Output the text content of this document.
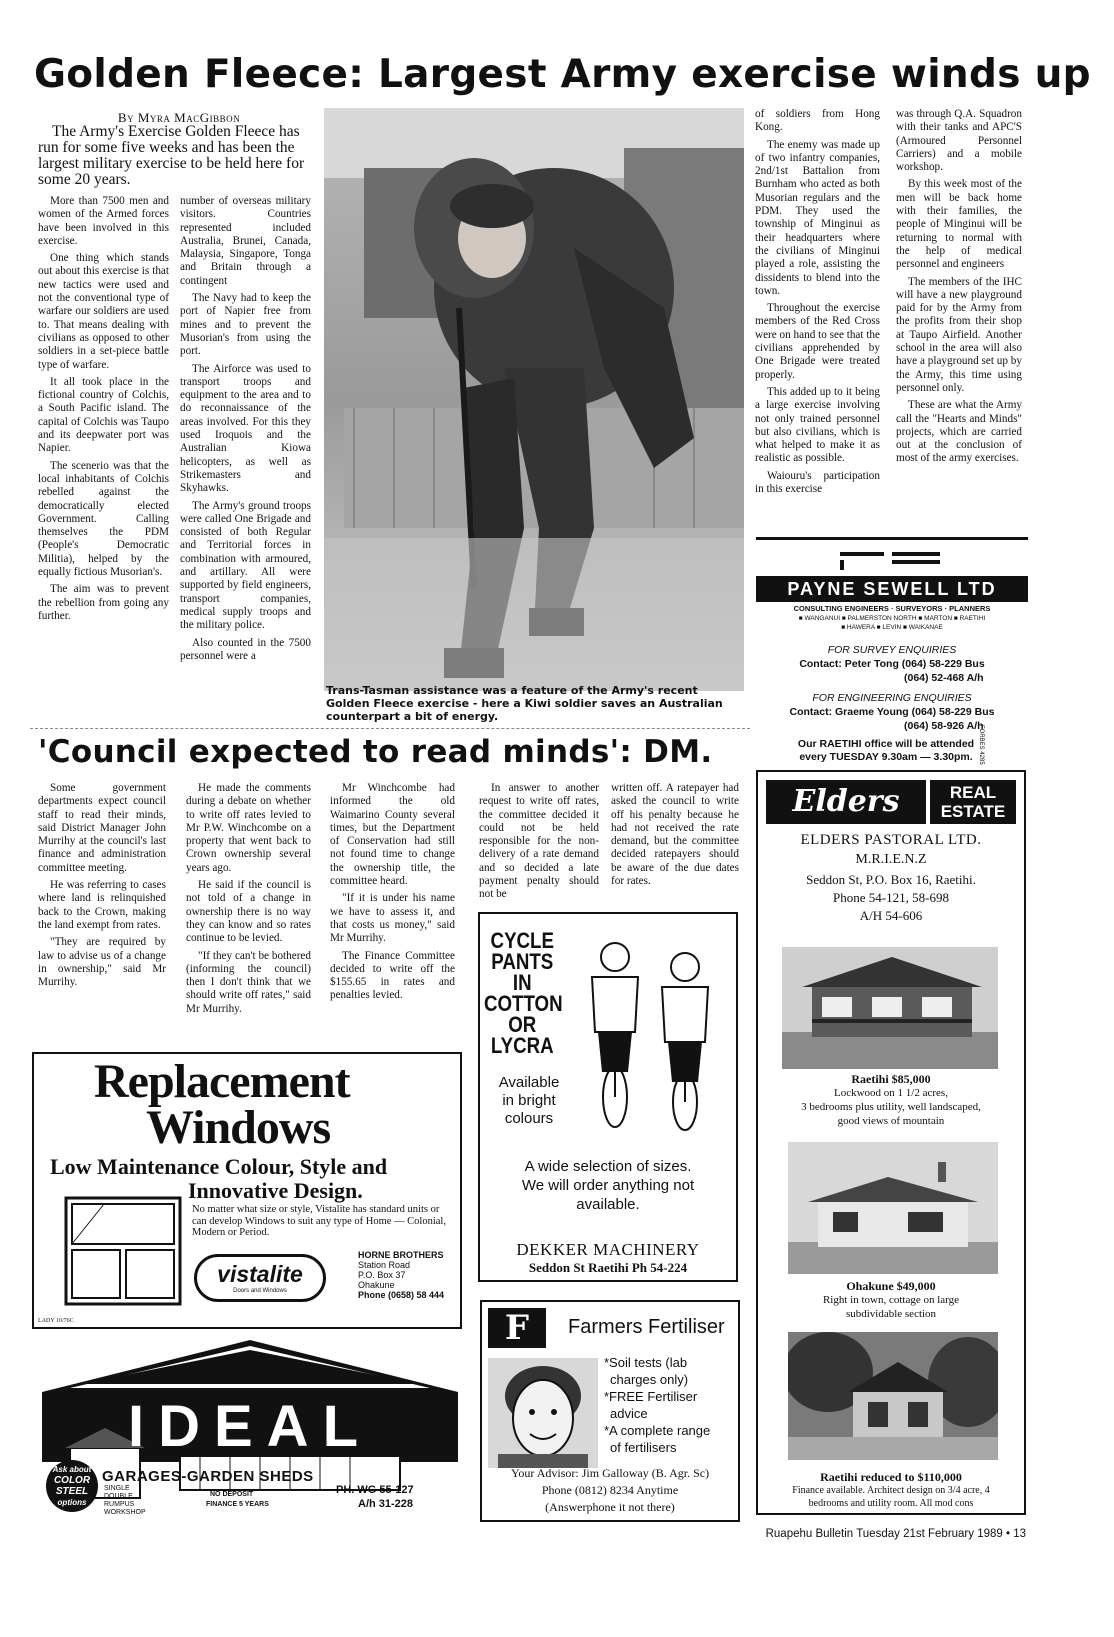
Golden Fleece: Largest Army exercise winds up
By Myra MacGibbon
The Army's Exercise Golden Fleece has run for some five weeks and has been the largest military exercise to be held here for some 20 years.

More than 7500 men and women of the Armed forces have been involved in this exercise.

One thing which stands out about this exercise is that new tactics were used and not the conventional type of warfare our soldiers are used to. That means dealing with civilians as opposed to other soldiers in a set-piece battle type of warfare.

It all took place in the fictional country of Colchis, a South Pacific island. The capital of Colchis was Taupo and its deepwater port was Napier.

The scenerio was that the local inhabitants of Colchis rebelled against the democratically elected Government. Calling themselves the PDM (People's Democratic Militia), helped by the equally fictious Musorian's.

The aim was to prevent the rebellion from going any further.

number of overseas military visitors. Countries represented included Australia, Brunei, Canada, Malaysia, Singapore, Tonga and Britain through a contingent

The Navy had to keep the port of Napier free from mines and to prevent the Musorian's from using the port.

The Airforce was used to transport troops and equipment to the area and to do reconnaissance of the areas involved. For this they used Iroquois and the Australian Kiowa helicopters, as well as Strikemasters and Skyhawks.

The Army's ground troops were called One Brigade and consisted of both Regular and Territorial forces in combination with armoured, and artillary. All were supported by field engineers, transport companies, medical supply troops and the military police.

Also counted in the 7500 personnel were a

Trans-Tasman assistance was a feature of the Army's recent Golden Fleece exercise - here a Kiwi soldier saves an Australian counterpart a bit of energy.

of soldiers from Hong Kong.

The enemy was made up of two infantry companies, 2nd/1st Battalion from Burnham who acted as both Musorian regulars and the PDM. They used the township of Minginui as their headquarters where the civilians of Minginui played a role, assisting the dissidents to blend into the town.

Throughout the exercise members of the Red Cross were on hand to see that the civilians apprehended by One Brigade were treated properly.

This added up to it being a large exercise involving not only trained personnel but also civilians, which is what helped to make it as realistic as possible.

Waiouru's participation in this exercise

was through Q.A. Squadron with their tanks and APC'S (Armoured Personnel Carriers) and a mobile workshop.

By this week most of the men will be back home with their families, the people of Minginui will be returning to normal with the help of medical personnel and engineers

The members of the IHC will have a new playground paid for by the Army from the profits from their shop at Taupo Airfield. Another school in the area will also have a playground set up by the Army, this time using personnel only.

These are what the Army call the "Hearts and Minds" projects, which are carried out at the conclusion of most of the army exercises.

PAYNE SEWELL LTD
CONSULTING ENGINEERS · SURVEYORS · PLANNERS
■ WANGANUI ■ PALMERSTON NORTH ■ MARTON ■ RAETIHI
■ HAWERA ■ LEVIN ■ WAIKANAE
FOR SURVEY ENQUIRIES
Contact: Peter Tong (064) 58-229 Bus
(064) 52-468 A/h
FOR ENGINEERING ENQUIRIES
Contact: Graeme Young (064) 58-229 Bus
(064) 58-926 A/h
Our RAETIHI office will be attended
every TUESDAY 9.30am — 3.30pm. FORBES 4285
'Council expected to read minds': DM.

Some government departments expect council staff to read their minds, said District Manager John Murrihy at the council's last finance and administration committee meeting.

He was referring to cases where land is relinquished back to the Crown, making the land exempt from rates.

"They are required by law to advise us of a change in ownership," said Mr Murrihy.

He made the comments during a debate on whether to write off rates levied to Mr P.W. Winchcombe on a property that went back to Crown ownership several years ago.

He said if the council is not told of a change in ownership there is no way they can know and so rates continue to be levied.

"If they can't be bothered (informing the council) then I don't think that we should write off rates," said Mr Murrihy.

Mr Winchcombe had informed the old Waimarino County several times, but the Department of Conservation had still not found time to change the ownership title, the committee heard.

"If it is under his name we have to assess it, and that costs us money," said Mr Murrihy.

The Finance Committee decided to write off the $155.65 in rates and penalties levied.

In answer to another request to write off rates, the committee decided it could not be held responsible for the non-delivery of a rate demand and so decided a late payment penalty should not be

written off. A ratepayer had asked the council to write off his penalty because he had not received the rate demand, but the committee decided ratepayers should be aware of the due dates for rates.

Elders	REAL
ESTATE
ELDERS PASTORAL LTD.
M.R.I.E.N.Z
Seddon St, P.O. Box 16, Raetihi.
Phone 54-121, 58-698
A/H 54-606
Raetihi $85,000
Lockwood on 1 1/2 acres,
3 bedrooms plus utility, well landscaped,
good views of mountain
Ohakune $49,000
Right in town, cottage on large
subdividable section
Raetihi reduced to $110,000
Finance available. Architect design on 3/4 acre, 4
bedrooms and utility room. All mod cons
CYCLE
PANTS
IN
COTTON
OR
LYCRA
Available
in bright
colours
A wide selection of sizes.
We will order anything not
available.
DEKKER MACHINERY
Seddon St Raetihi Ph 54-224
Replacement
Windows
Low Maintenance Colour, Style and
Innovative Design.
No matter what size or style, Vistalite has standard units or can develop Windows to suit any type of Home — Colonial, Modern or Period.
vistalite
Doors and Windows
HORNE BROTHERS
Station Road
P.O. Box 37
Ohakune
Phone (0658) 58 444
LADY 10/76C	F	Farmers Fertiliser
*Soil tests (lab
charges only)
*FREE Fertiliser
advice
*A complete range
of fertilisers
Your Advisor: Jim Galloway (B. Agr. Sc)
Phone (0812) 8234 Anytime
(Answerphone it not there)
IDEAL
Ask about
COLOR
STEEL
options
GARAGES-GARDEN SHEDS
SINGLE
DOUBLE
RUMPUS
WORKSHOP
NO DEPOSIT
FINANCE 5 YEARS
PH. WG 55-127
A/h 31-228
Ruapehu Bulletin Tuesday 21st February 1989 • 13
